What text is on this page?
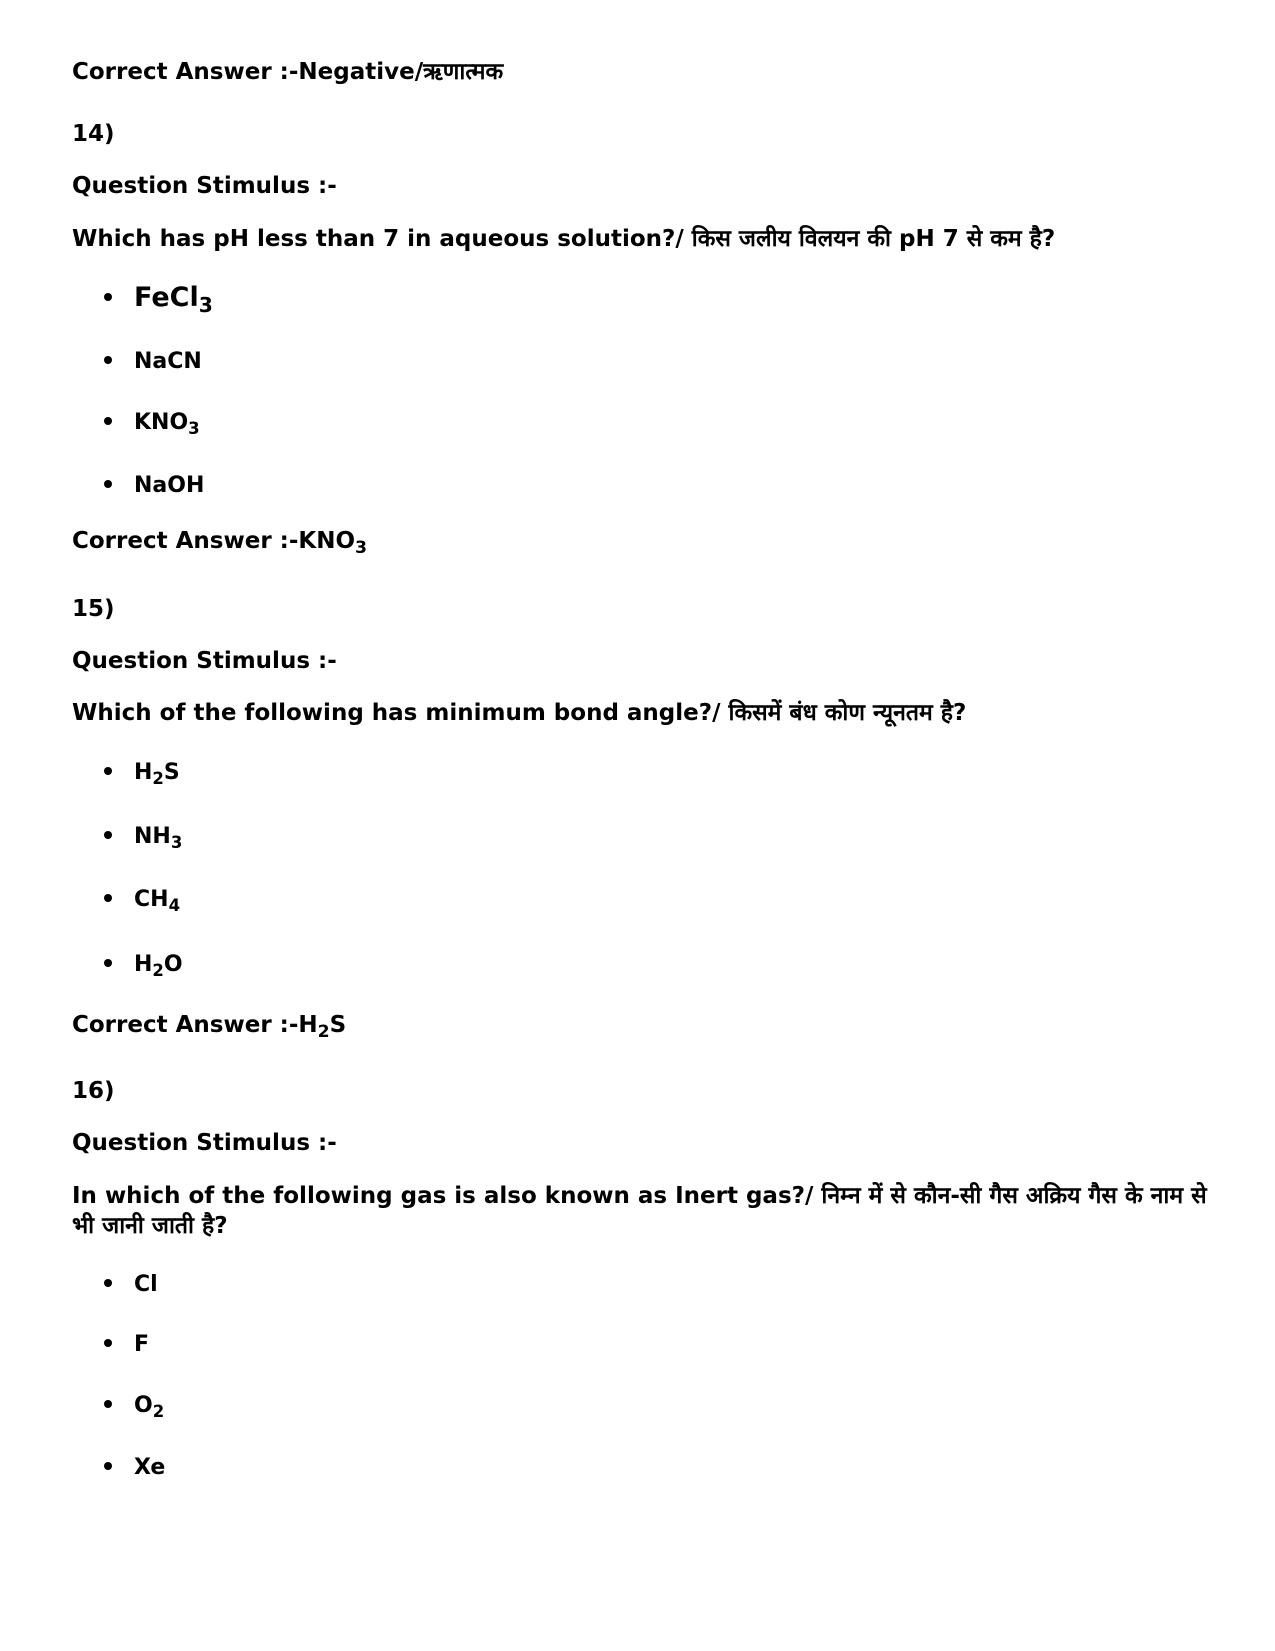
Correct Answer :-Negative/ऋणात्मक
14)
Question Stimulus :-
Which has pH less than 7 in aqueous solution?/ किस जलीय विलयन की pH 7 से कम है?
FeCl$_3$
NaCN
$KNO_3$
NaOH
Correct Answer $:-KNO_3$
15)
Question Stimulus :-
Which of the following has minimum bond angle?/ किसमें बंध कोण न्यूनतम है?
$H_2S$
$NH_3$
$CH_4$
$H_2O$
Correct Answer $:-H_2S$
16)
Question Stimulus :-
In which of the following gas is also known as Inert gas?/ निम्न में से कौन-सी गैस अक्रिय गैस के नाम से भी जानी जाती है?
Cl
F
$O_2$
Xe
